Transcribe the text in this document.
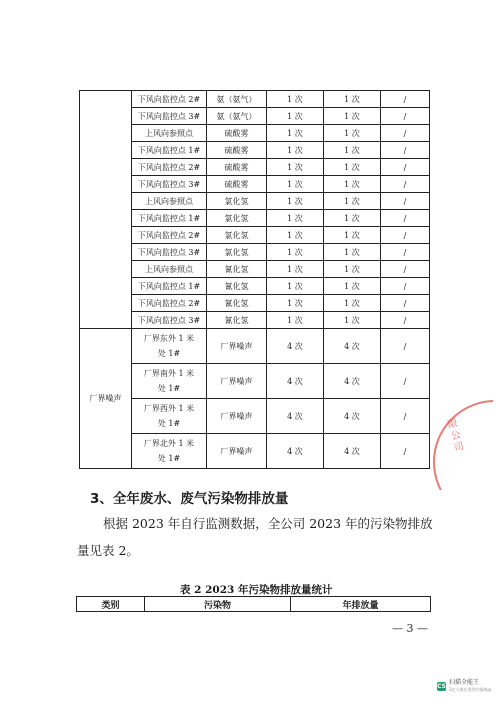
	下风向监控点 2#	氨（氨气）	1 次	1 次	/
	下风向监控点 3#	氨（氨气）	1 次	1 次	/
	上风向参照点	硫酸雾	1 次	1 次	/
	下风向监控点 1#	硫酸雾	1 次	1 次	/
	下风向监控点 2#	硫酸雾	1 次	1 次	/
	下风向监控点 3#	硫酸雾	1 次	1 次	/
	上风向参照点	氯化氢	1 次	1 次	/
	下风向监控点 1#	氯化氢	1 次	1 次	/
	下风向监控点 2#	氯化氢	1 次	1 次	/
	下风向监控点 3#	氯化氢	1 次	1 次	/
	上风向参照点	氰化氢	1 次	1 次	/
	下风向监控点 1#	氰化氢	1 次	1 次	/
	下风向监控点 2#	氰化氢	1 次	1 次	/
	下风向监控点 3#	氰化氢	1 次	1 次	/
厂界噪声	厂界东外 1 米处 1#	厂界噪声	4 次	4 次	/
	厂界南外 1 米处 1#	厂界噪声	4 次	4 次	/
	厂界西外 1 米处 1#	厂界噪声	4 次	4 次	/
	厂界北外 1 米处 1#	厂界噪声	4 次	4 次	/
3、全年废水、废气污染物排放量
根据 2023 年自行监测数据，全公司 2023 年的污染物排放量见表 2。
表 2 2023 年污染物排放量统计
类别	污染物	年排放量
— 3 —
限公司
CS 扫描全能王
3亿人都在用的扫描App
